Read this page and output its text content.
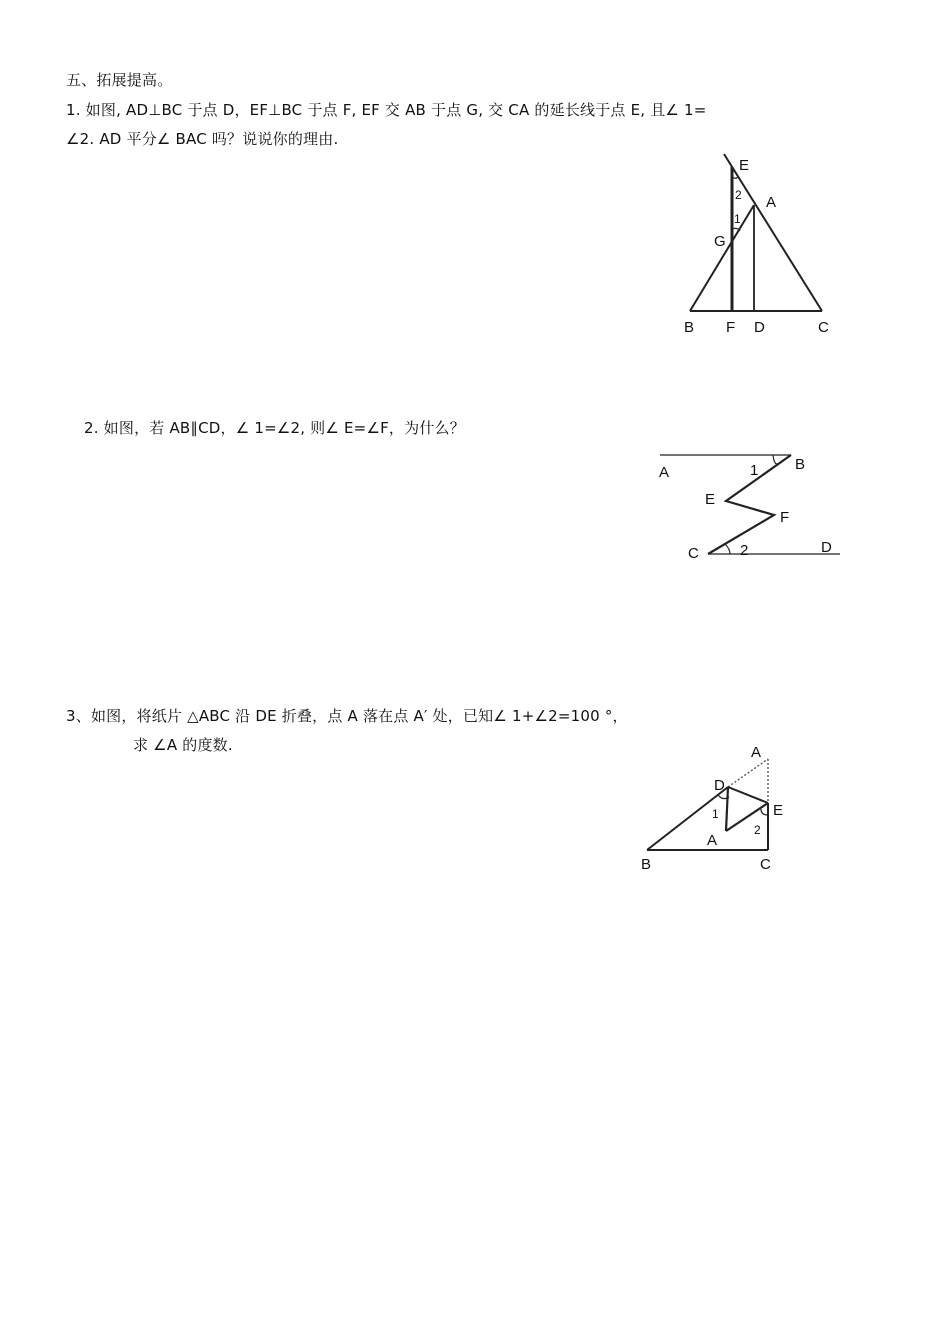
五、拓展提高。
1. 如图, AD⊥BC 于点 D，EF⊥BC 于点 F, EF 交 AB 于点 G, 交 CA 的延长线于点 E, 且∠ 1=
∠2. AD 平分∠ BAC 吗？说说你的理由.
E
A
G
B F D	C
2
1
2. 如图，若 AB∥CD，∠ 1=∠2, 则∠ E=∠F，为什么？
A	B
E
F
C	D
1
2
3、如图，将纸片 △ABC 沿 DE 折叠，点 A 落在点 A′ 处，已知∠ 1+∠2=100 °，
求 ∠A 的度数.	A
D
E
A
B	C
1
2
